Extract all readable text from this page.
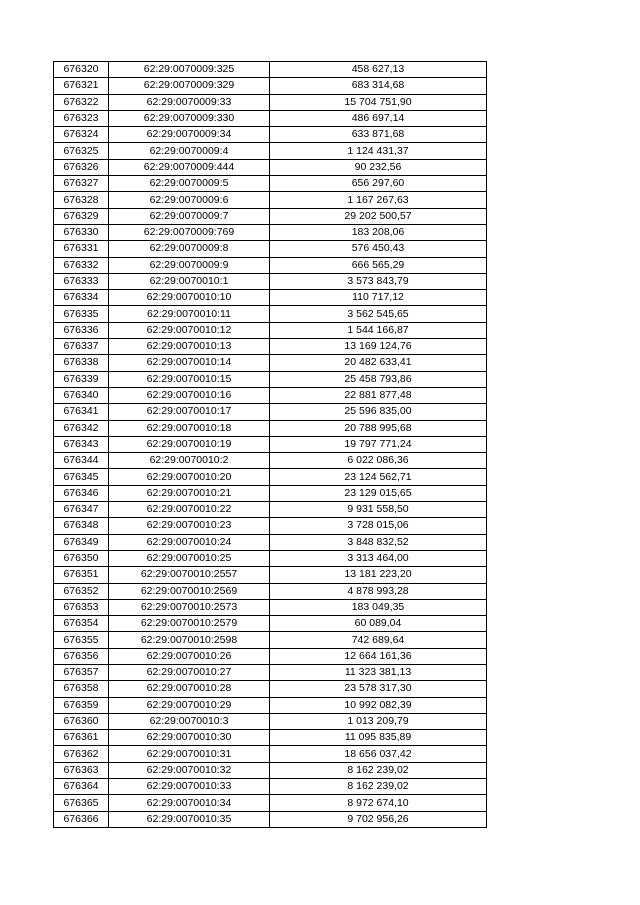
676320	62:29:0070009:325	458 627,13
676321	62:29:0070009:329	683 314,68
676322	62:29:0070009:33	15 704 751,90
676323	62:29:0070009:330	486 697,14
676324	62:29:0070009:34	633 871,68
676325	62:29:0070009:4	1 124 431,37
676326	62:29:0070009:444	90 232,56
676327	62:29:0070009:5	656 297,60
676328	62:29:0070009:6	1 167 267,63
676329	62:29:0070009:7	29 202 500,57
676330	62:29:0070009:769	183 208,06
676331	62:29:0070009:8	576 450,43
676332	62:29:0070009:9	666 565,29
676333	62:29:0070010:1	3 573 843,79
676334	62:29:0070010:10	110 717,12
676335	62:29:0070010:11	3 562 545,65
676336	62:29:0070010:12	1 544 166,87
676337	62:29:0070010:13	13 169 124,76
676338	62:29:0070010:14	20 482 633,41
676339	62:29:0070010:15	25 458 793,86
676340	62:29:0070010:16	22 881 877,48
676341	62:29:0070010:17	25 596 835,00
676342	62:29:0070010:18	20 788 995,68
676343	62:29:0070010:19	19 797 771,24
676344	62:29:0070010:2	6 022 086,36
676345	62:29:0070010:20	23 124 562,71
676346	62:29:0070010:21	23 129 015,65
676347	62:29:0070010:22	9 931 558,50
676348	62:29:0070010:23	3 728 015,06
676349	62:29:0070010:24	3 848 832,52
676350	62:29:0070010:25	3 313 464,00
676351	62:29:0070010:2557	13 181 223,20
676352	62:29:0070010:2569	4 878 993,28
676353	62:29:0070010:2573	183 049,35
676354	62:29:0070010:2579	60 089,04
676355	62:29:0070010:2598	742 689,64
676356	62:29:0070010:26	12 664 161,36
676357	62:29:0070010:27	11 323 381,13
676358	62:29:0070010:28	23 578 317,30
676359	62:29:0070010:29	10 992 082,39
676360	62:29:0070010:3	1 013 209,79
676361	62:29:0070010:30	11 095 835,89
676362	62:29:0070010:31	18 656 037,42
676363	62:29:0070010:32	8 162 239,02
676364	62:29:0070010:33	8 162 239,02
676365	62:29:0070010:34	8 972 674,10
676366	62:29:0070010:35	9 702 956,26
